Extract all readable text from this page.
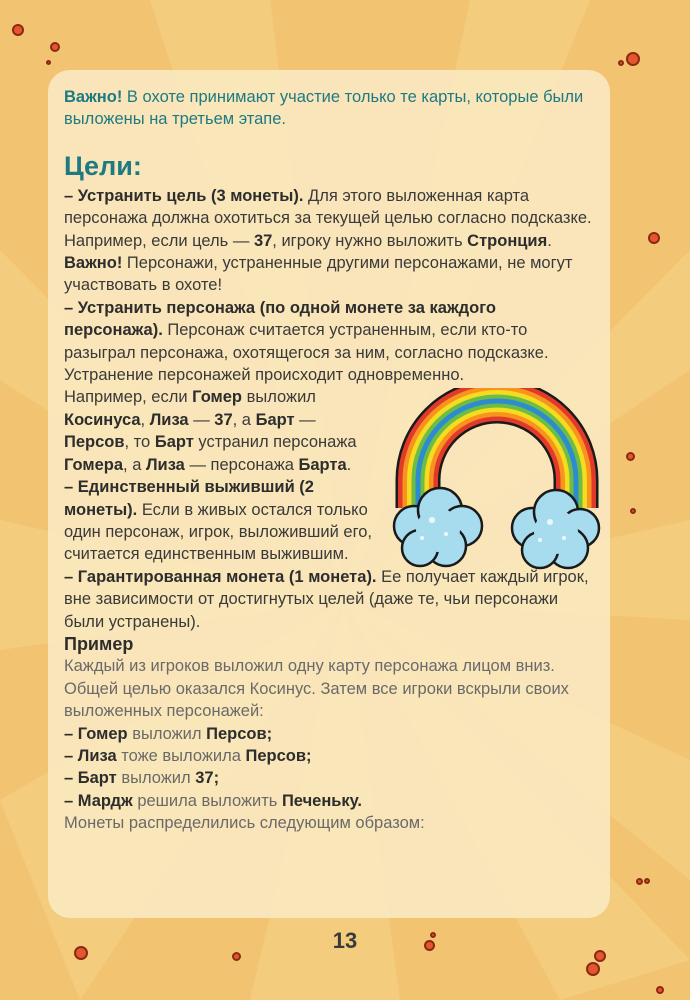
Важно! В охоте принимают участие только те карты, которые были выложены на третьем этапе.

Цели:

– Устранить цель (3 монеты). Для этого выложенная карта персонажа должна охотиться за текущей целью согласно подсказке. Например, если цель — 37, игроку нужно выложить Стронция. Важно! Персонажи, устраненные другими персонажами, не могут участвовать в охоте!

– Устранить персонажа (по одной монете за каждого персонажа). Персонаж считается устраненным, если кто-то разыграл персонажа, охотящегося за ним, согласно подсказке. Устранение персонажей происходит одновременно.

Например, если Гомер выложил Косинуса, Лиза — 37, а Барт — Персов, то Барт устранил персонажа Гомера, а Лиза — персонажа Барта.

– Единственный выживший (2 монеты). Если в живых остался только один персонаж, игрок, выложивший его, считается единственным выжившим.

– Гарантированная монета (1 монета). Ее получает каждый игрок, вне зависимости от достигнутых целей (даже те, чьи персонажи были устранены).

Пример

Каждый из игроков выложил одну карту персонажа лицом вниз. Общей целью оказался Косинус. Затем все игроки вскрыли своих выложенных персонажей:

– Гомер выложил Персов;

– Лиза тоже выложила Персов;

– Барт выложил 37;

– Мардж решила выложить Печеньку.

Монеты распределились следующим образом:

13
